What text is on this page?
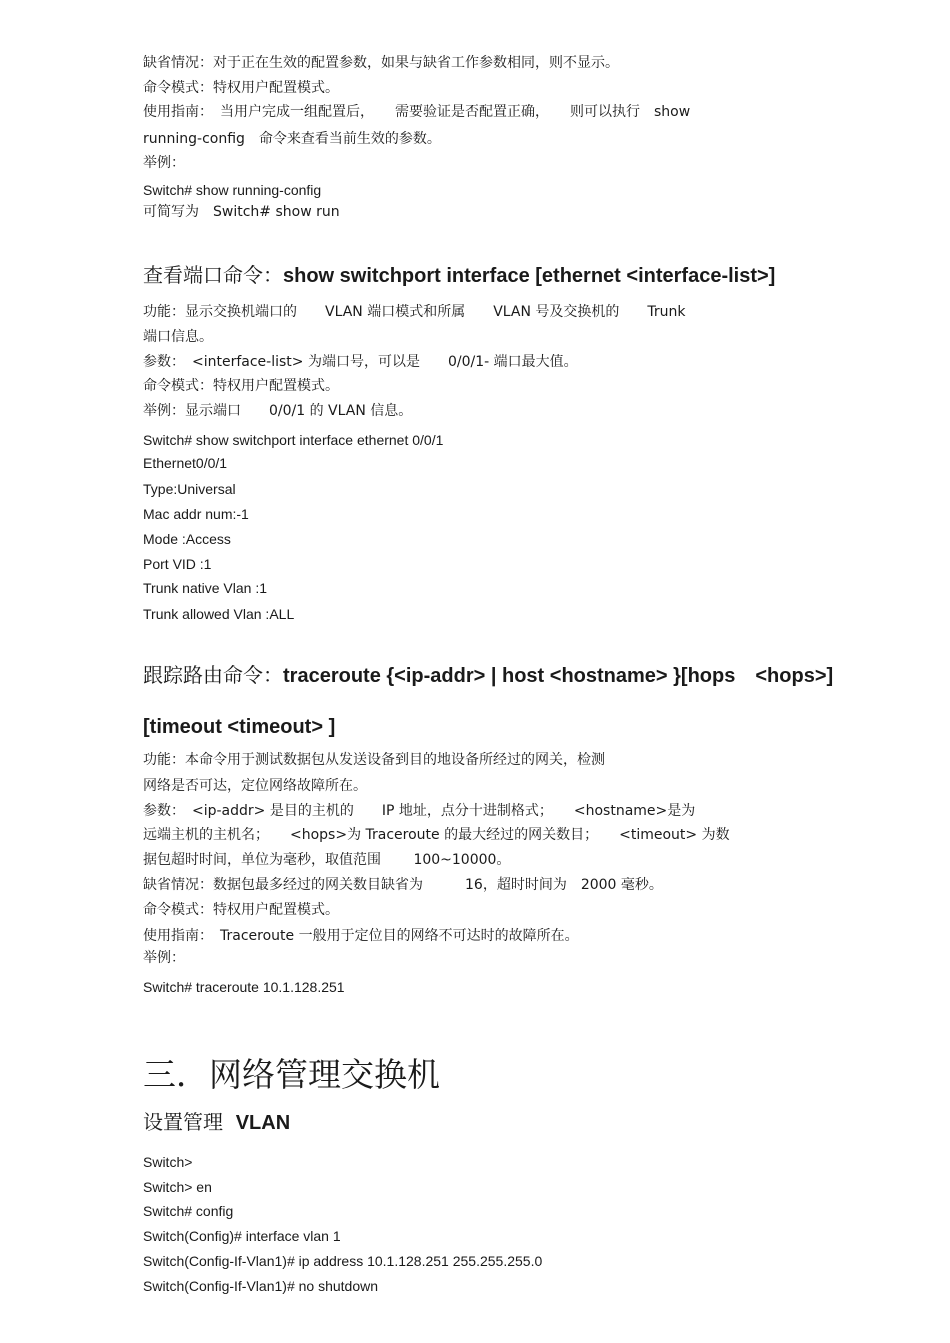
缺省情况：对于正在生效的配置参数，如果与缺省工作参数相同，则不显示。
命令模式：特权用户配置模式。
使用指南：　当用户完成一组配置后，　　需要验证是否配置正确，　　则可以执行　show
running-config　命令来查看当前生效的参数。
举例：
Switch# show running-config
可简写为　Switch# show run
查看端口命令：show switchport interface [ethernet <interface-list>]
功能：显示交换机端口的　　VLAN 端口模式和所属　　VLAN 号及交换机的　　Trunk
端口信息。
参数：　<interface-list> 为端口号，可以是　　0/0/1- 端口最大值。
命令模式：特权用户配置模式。
举例：显示端口　　0/0/1 的 VLAN 信息。
Switch# show switchport interface ethernet 0/0/1
Ethernet0/0/1
Type:Universal
Mac addr num:-1
Mode :Access
Port VID :1
Trunk native Vlan :1
Trunk allowed Vlan :ALL
跟踪路由命令：traceroute {<ip-addr> | host <hostname> }[hops　<hops>]
[timeout <timeout> ]
功能：本命令用于测试数据包从发送设备到目的地设备所经过的网关，检测
网络是否可达，定位网络故障所在。
参数：　<ip-addr> 是目的主机的　　IP 地址，点分十进制格式；　　<hostname>是为
远端主机的主机名；　　<hops>为 Traceroute 的最大经过的网关数目；　　<timeout> 为数
据包超时时间，单位为毫秒，取值范围　　 100~10000。
缺省情况：数据包最多经过的网关数目缺省为　　　16，超时时间为　2000 毫秒。
命令模式：特权用户配置模式。
使用指南：　Traceroute 一般用于定位目的网络不可达时的故障所在。
举例：
Switch# traceroute 10.1.128.251
三．网络管理交换机
设置管理 VLAN
Switch>
Switch> en
Switch# config
Switch(Config)# interface vlan 1
Switch(Config-If-Vlan1)# ip address 10.1.128.251 255.255.255.0
Switch(Config-If-Vlan1)# no shutdown
